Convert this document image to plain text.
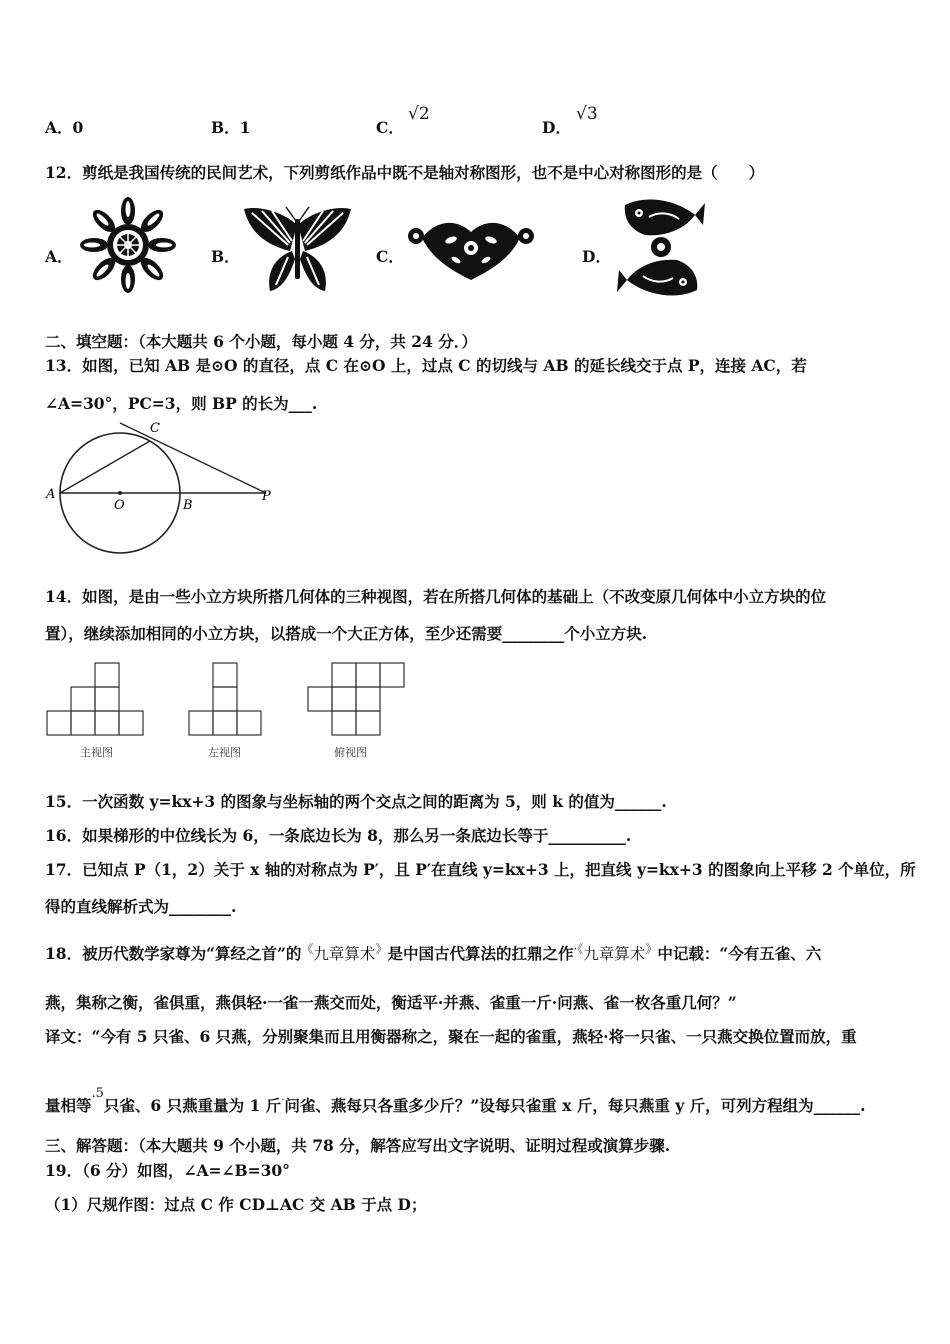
A．0	B．1	C．
√2
D．
√3
12．剪纸是我国传统的民间艺术，下列剪纸作品中既不是轴对称图形，也不是中心对称图形的是（　　）
A．	B．	C．	D．
二、填空题：（本大题共 6 个小题，每小题 4 分，共 24 分．）
13．如图，已知 AB 是⊙O 的直径，点 C 在⊙O 上，过点 C 的切线与 AB 的延长线交于点 P，连接 AC，若
∠A=30°，PC=3，则 BP 的长为___.
A
O	B
P
C
14．如图，是由一些小立方块所搭几何体的三种视图，若在所搭几何体的基础上（不改变原几何体中小立方块的位
置），继续添加相同的小立方块，以搭成一个大正方体，至少还需要________个小立方块.
主视图	左视图	俯视图
15．一次函数 y=kx+3 的图象与坐标轴的两个交点之间的距离为 5，则 k 的值为______.
16．如果梯形的中位线长为 6，一条底边长为 8，那么另一条底边长等于__________.
17．已知点 P（1，2）关于 x 轴的对称点为 P′，且 P′在直线 y=kx+3 上，把直线 y=kx+3 的图象向上平移 2 个单位，所
得的直线解析式为________.
18．被历代数学家尊为“算经之首”的《九章算术》是中国古代算法的扛鼎之作·《九章算术》中记载：“今有五雀、六
燕，集称之衡，雀俱重，燕俱轻·一雀一燕交而处，衡适平·并燕、雀重一斤·问燕、雀一枚各重几何？”
译文：“今有 5 只雀、6 只燕，分别聚集而且用衡器称之，聚在一起的雀重，燕轻·将一只雀、一只燕交换位置而放，重
量相等$^{.5}$只雀、6 只燕重量为 1 斤·问雀、燕每只各重多少斤？”设每只雀重 x 斤，每只燕重 y 斤，可列方程组为______.
三、解答题：（本大题共 9 个小题，共 78 分，解答应写出文字说明、证明过程或演算步骤.
19．（6 分）如图，∠A=∠B=30°
（1）尺规作图：过点 C 作 CD⊥AC 交 AB 于点 D；
